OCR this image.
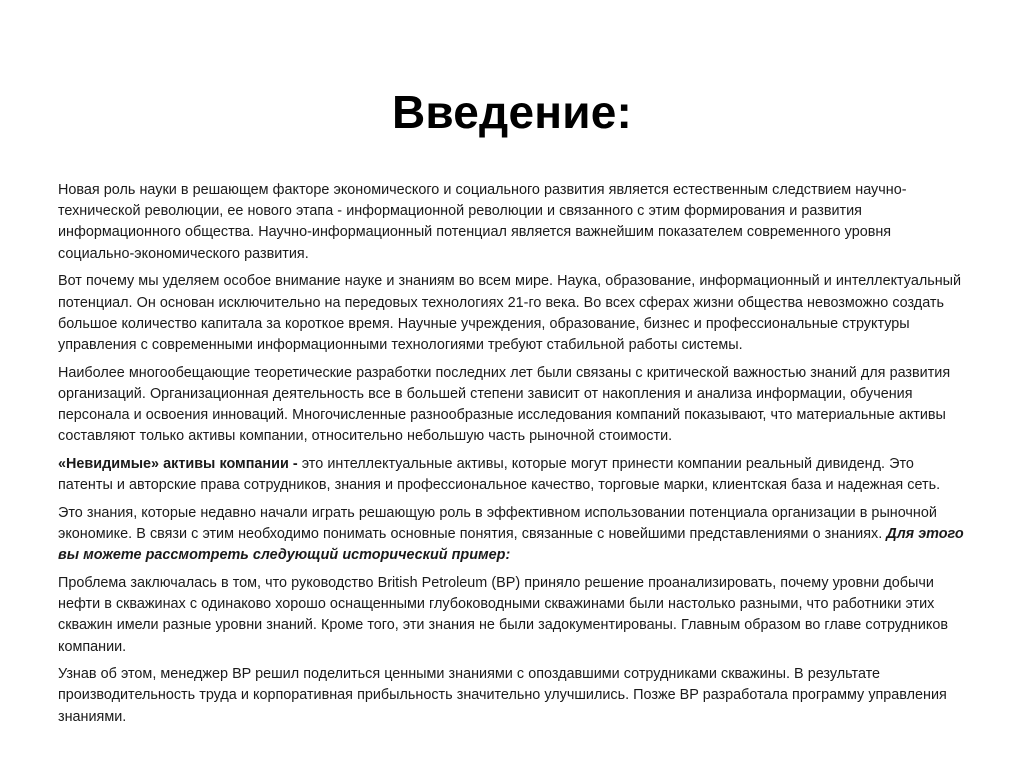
Введение:

Новая роль науки в решающем факторе экономического и социального развития является естественным следствием научно-технической революции, ее нового этапа - информационной революции и связанного с этим формирования и развития информационного общества. Научно-информационный потенциал является важнейшим показателем современного уровня социально-экономического развития.

Вот почему мы уделяем особое внимание науке и знаниям во всем мире. Наука, образование, информационный и интеллектуальный потенциал. Он основан исключительно на передовых технологиях 21-го века. Во всех сферах жизни общества невозможно создать большое количество капитала за короткое время. Научные учреждения, образование, бизнес и профессиональные структуры управления с современными информационными технологиями требуют стабильной работы системы.

Наиболее многообещающие теоретические разработки последних лет были связаны с критической важностью знаний для развития организаций. Организационная деятельность все в большей степени зависит от накопления и анализа информации, обучения персонала и освоения инноваций. Многочисленные разнообразные исследования компаний показывают, что материальные активы составляют только активы компании, относительно небольшую часть рыночной стоимости.

«Невидимые» активы компании - это интеллектуальные активы, которые могут принести компании реальный дивиденд. Это патенты и авторские права сотрудников, знания и профессиональное качество, торговые марки, клиентская база и надежная сеть.

Это знания, которые недавно начали играть решающую роль в эффективном использовании потенциала организации в рыночной экономике. В связи с этим необходимо понимать основные понятия, связанные с новейшими представлениями о знаниях. Для этого вы можете рассмотреть следующий исторический пример:

Проблема заключалась в том, что руководство British Petroleum (BP) приняло решение проанализировать, почему уровни добычи нефти в скважинах с одинаково хорошо оснащенными глубоководными скважинами были настолько разными, что работники этих скважин имели разные уровни знаний. Кроме того, эти знания не были задокументированы. Главным образом во главе сотрудников компании.

Узнав об этом, менеджер BP решил поделиться ценными знаниями с опоздавшими сотрудниками скважины. В результате производительность труда и корпоративная прибыльность значительно улучшились. Позже BP разработала программу управления знаниями.
